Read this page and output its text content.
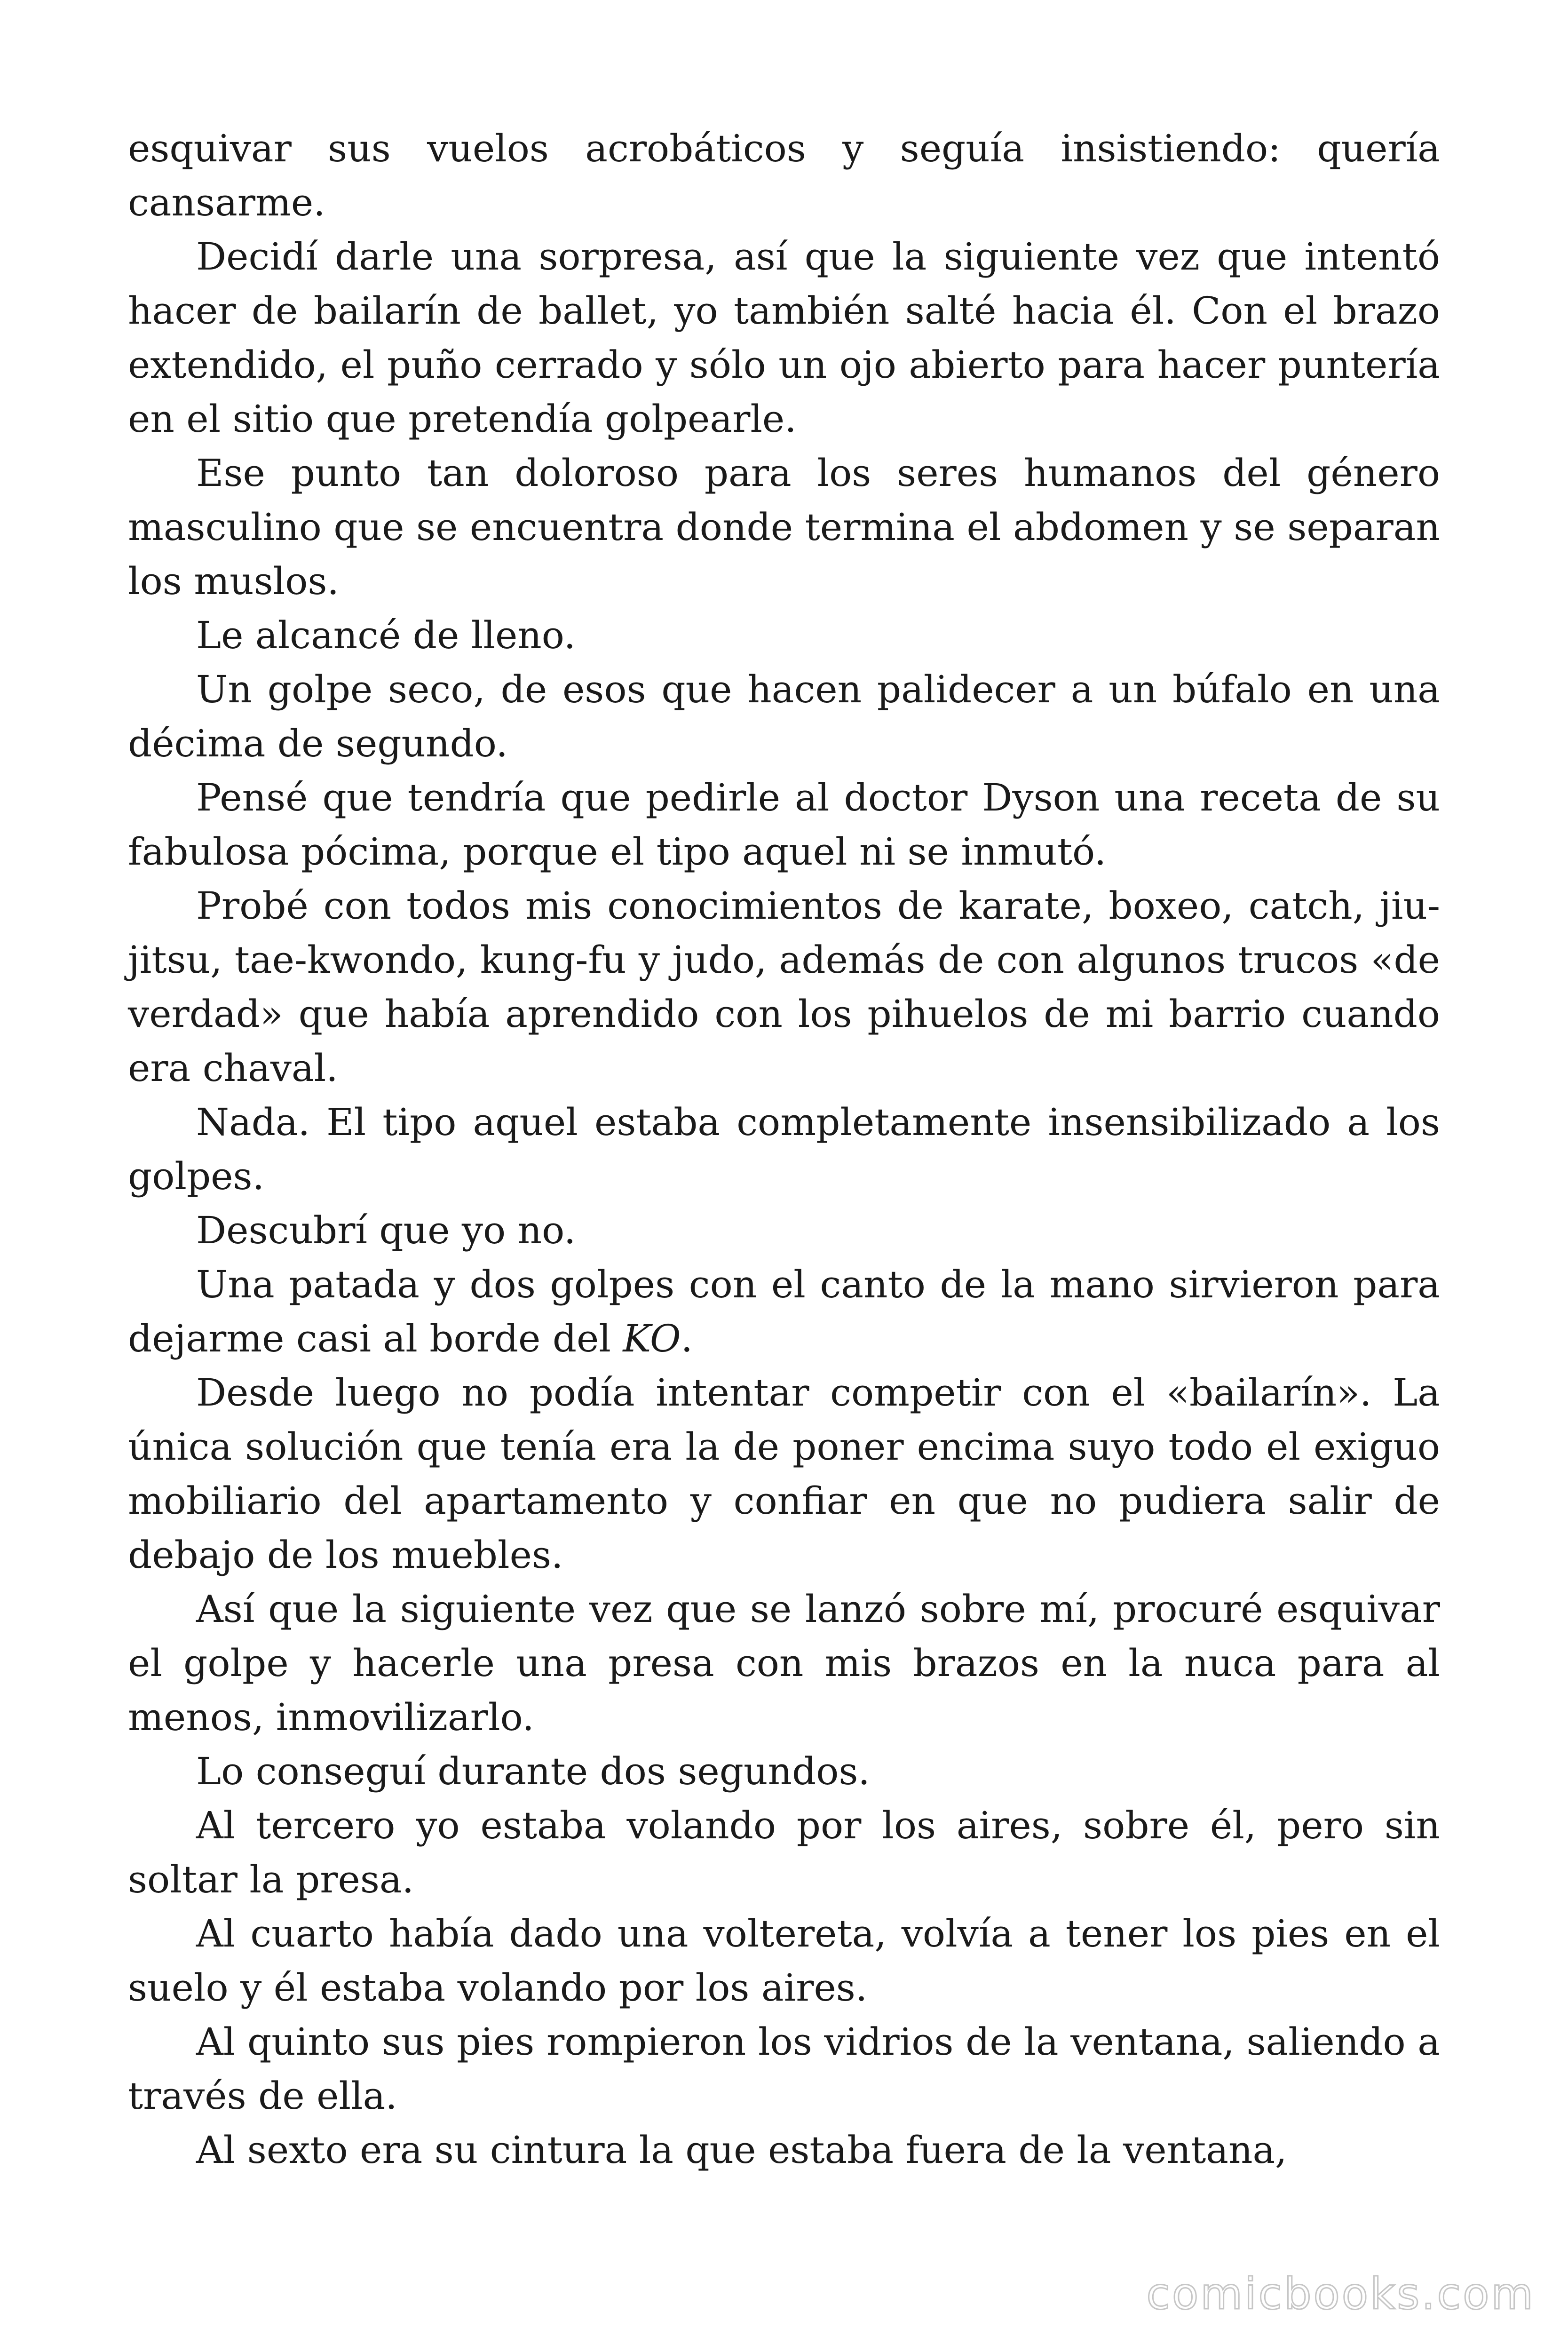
esquivar sus vuelos acrobáticos y seguía insistiendo: quería cansarme.

Decidí darle una sorpresa, así que la siguiente vez que intentó hacer de bailarín de ballet, yo también salté hacia él. Con el brazo extendido, el puño cerrado y sólo un ojo abierto para hacer puntería en el sitio que pretendía golpearle.

Ese punto tan doloroso para los seres humanos del género masculino que se encuentra donde termina el abdomen y se separan los muslos.

Le alcancé de lleno.

Un golpe seco, de esos que hacen palidecer a un búfalo en una décima de segundo.

Pensé que tendría que pedirle al doctor Dyson una receta de su fabulosa pócima, porque el tipo aquel ni se inmutó.

Probé con todos mis conocimientos de karate, boxeo, catch, jiu-jitsu, tae-kwondo, kung-fu y judo, además de con algunos trucos «de verdad» que había aprendido con los pihuelos de mi barrio cuando era chaval.

Nada. El tipo aquel estaba completamente insensibilizado a los golpes.

Descubrí que yo no.

Una patada y dos golpes con el canto de la mano sirvieron para dejarme casi al borde del KO.

Desde luego no podía intentar competir con el «bailarín». La única solución que tenía era la de poner encima suyo todo el exiguo mobiliario del apartamento y confiar en que no pudiera salir de debajo de los muebles.

Así que la siguiente vez que se lanzó sobre mí, procuré esquivar el golpe y hacerle una presa con mis brazos en la nuca para al menos, inmovilizarlo.

Lo conseguí durante dos segundos.

Al tercero yo estaba volando por los aires, sobre él, pero sin soltar la presa.

Al cuarto había dado una voltereta, volvía a tener los pies en el suelo y él estaba volando por los aires.

Al quinto sus pies rompieron los vidrios de la ventana, saliendo a través de ella.

Al sexto era su cintura la que estaba fuera de la ventana,

comicbooks.com
